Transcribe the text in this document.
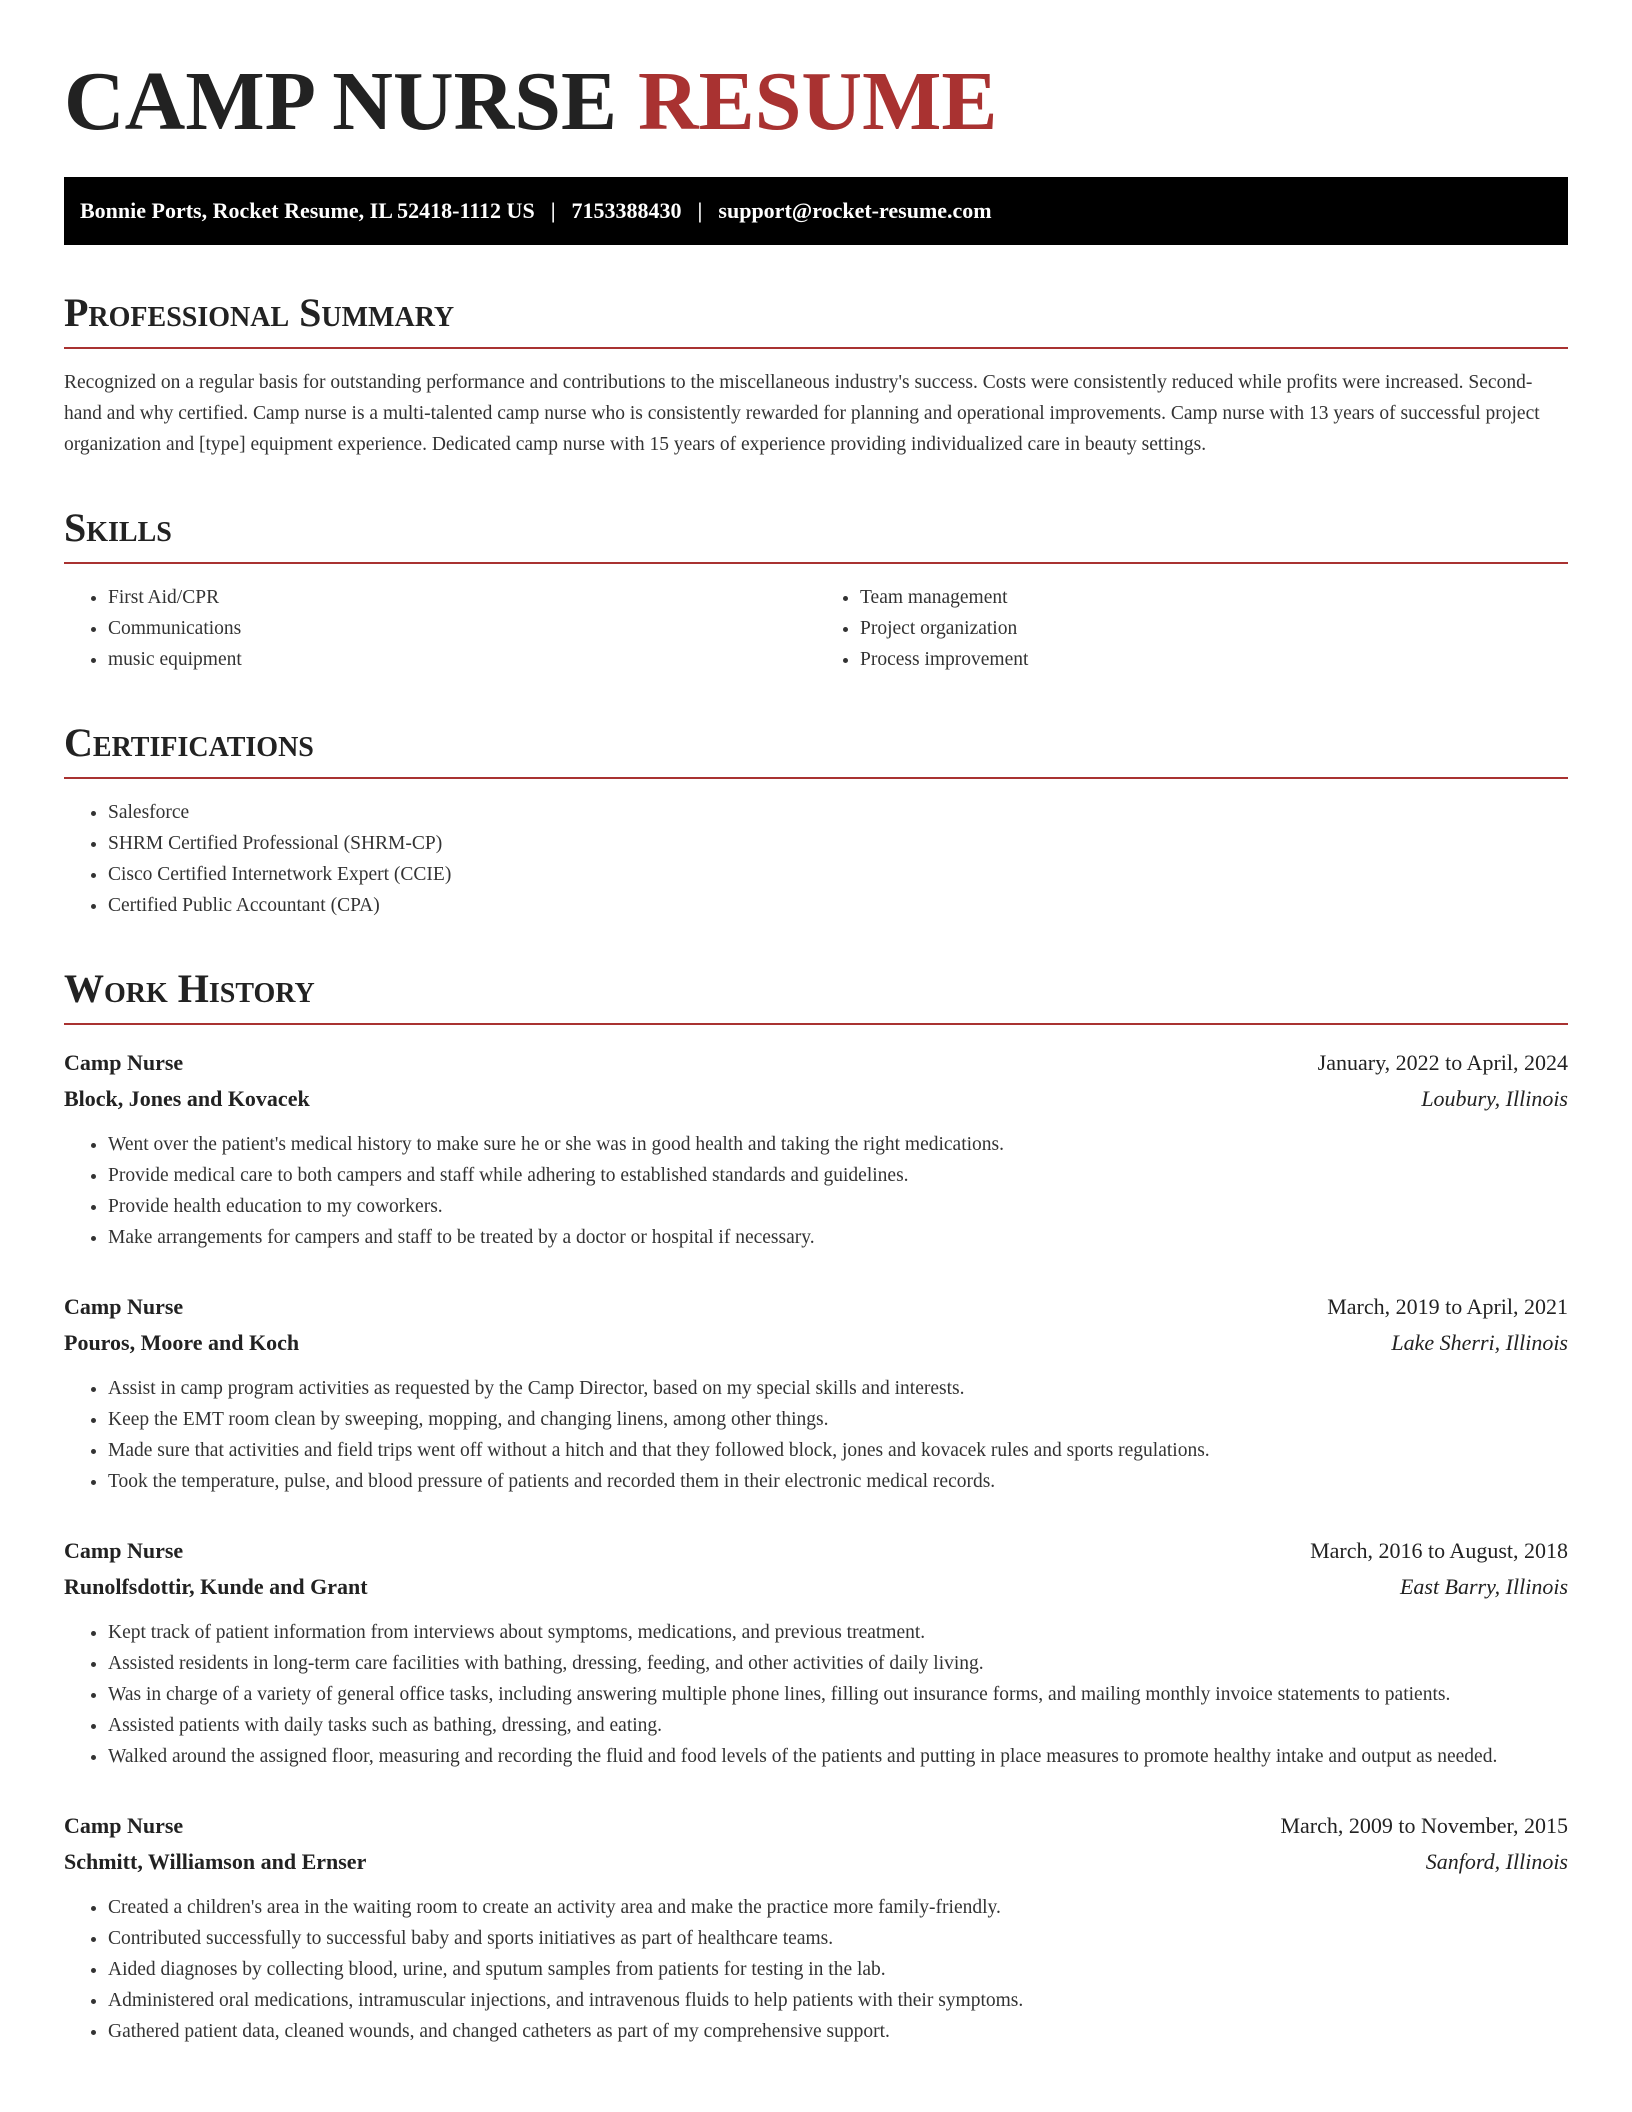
CAMP NURSE RESUME
Bonnie Ports, Rocket Resume, IL 52418-1112 US | 7153388430 | support@rocket-resume.com
Professional Summary

Recognized on a regular basis for outstanding performance and contributions to the miscellaneous industry's success. Costs were consistently reduced while profits were increased. Second-hand and why certified. Camp nurse is a multi-talented camp nurse who is consistently rewarded for planning and operational improvements. Camp nurse with 13 years of successful project organization and [type] equipment experience. Dedicated camp nurse with 15 years of experience providing individualized care in beauty settings.

Skills
• First Aid/CPR
• Communications
• music equipment
• Team management
• Project organization
• Process improvement
Certifications
• Salesforce
• SHRM Certified Professional (SHRM-CP)
• Cisco Certified Internetwork Expert (CCIE)
• Certified Public Accountant (CPA)
Work History
Camp Nurse	January, 2022 to April, 2024
Block, Jones and Kovacek	Loubury, Illinois
• Went over the patient's medical history to make sure he or she was in good health and taking the right medications.
• Provide medical care to both campers and staff while adhering to established standards and guidelines.
• Provide health education to my coworkers.
• Make arrangements for campers and staff to be treated by a doctor or hospital if necessary.
Camp Nurse	March, 2019 to April, 2021
Pouros, Moore and Koch	Lake Sherri, Illinois
• Assist in camp program activities as requested by the Camp Director, based on my special skills and interests.
• Keep the EMT room clean by sweeping, mopping, and changing linens, among other things.
• Made sure that activities and field trips went off without a hitch and that they followed block, jones and kovacek rules and sports regulations.
• Took the temperature, pulse, and blood pressure of patients and recorded them in their electronic medical records.
Camp Nurse	March, 2016 to August, 2018
Runolfsdottir, Kunde and Grant	East Barry, Illinois
• Kept track of patient information from interviews about symptoms, medications, and previous treatment.
• Assisted residents in long-term care facilities with bathing, dressing, feeding, and other activities of daily living.
• Was in charge of a variety of general office tasks, including answering multiple phone lines, filling out insurance forms, and mailing monthly invoice statements to patients.
• Assisted patients with daily tasks such as bathing, dressing, and eating.
• Walked around the assigned floor, measuring and recording the fluid and food levels of the patients and putting in place measures to promote healthy intake and output as needed.
Camp Nurse	March, 2009 to November, 2015
Schmitt, Williamson and Ernser	Sanford, Illinois
• Created a children's area in the waiting room to create an activity area and make the practice more family-friendly.
• Contributed successfully to successful baby and sports initiatives as part of healthcare teams.
• Aided diagnoses by collecting blood, urine, and sputum samples from patients for testing in the lab.
• Administered oral medications, intramuscular injections, and intravenous fluids to help patients with their symptoms.
• Gathered patient data, cleaned wounds, and changed catheters as part of my comprehensive support.
